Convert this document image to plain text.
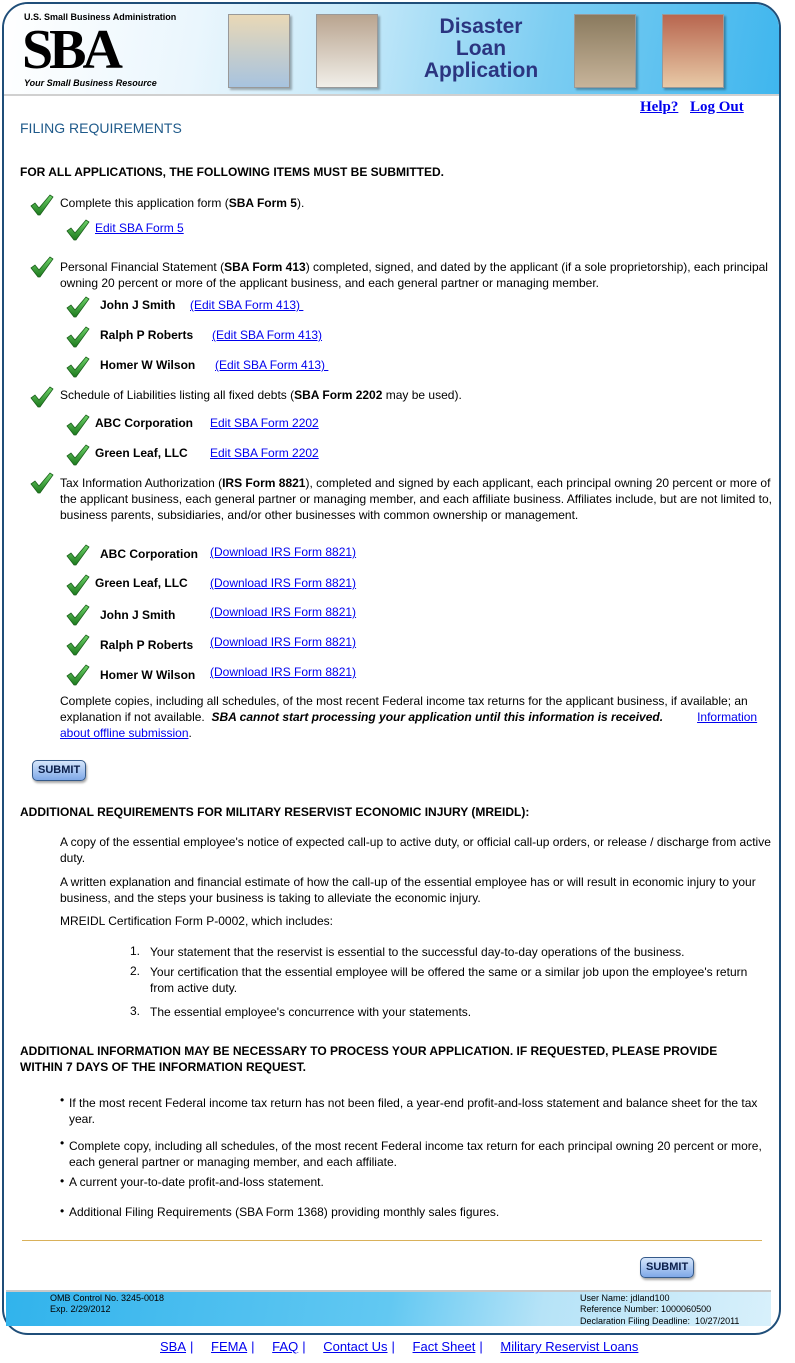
U.S. Small Business Administration
SBA
Your Small Business Resource
Disaster
Loan
Application
Help? Log Out
FILING REQUIREMENTS
FOR ALL APPLICATIONS, THE FOLLOWING ITEMS MUST BE SUBMITTED.
Complete this application form (SBA Form 5).
Edit SBA Form 5
Personal Financial Statement (SBA Form 413) completed, signed, and dated by the applicant (if a sole proprietorship), each principal owning 20 percent or more of the applicant business, and each general partner or managing member.
John J Smith (Edit SBA Form 413)
Ralph P Roberts (Edit SBA Form 413)
Homer W Wilson (Edit SBA Form 413)
Schedule of Liabilities listing all fixed debts (SBA Form 2202 may be used).
ABC Corporation Edit SBA Form 2202
Green Leaf, LLC Edit SBA Form 2202
Tax Information Authorization (IRS Form 8821), completed and signed by each applicant, each principal owning 20 percent or more of the applicant business, each general partner or managing member, and each affiliate business. Affiliates include, but are not limited to, business parents, subsidiaries, and/or other businesses with common ownership or management.
ABC Corporation (Download IRS Form 8821)
Green Leaf, LLC (Download IRS Form 8821)
John J Smith	(Download IRS Form 8821)
Ralph P Roberts (Download IRS Form 8821)
Homer W Wilson (Download IRS Form 8821)
Complete copies, including all schedules, of the most recent Federal income tax returns for the applicant business, if available; an explanation if not available.  SBA cannot start processing your application until this information is received.	Information about offline submission.
SUBMIT
ADDITIONAL REQUIREMENTS FOR MILITARY RESERVIST ECONOMIC INJURY (MREIDL):
A copy of the essential employee's notice of expected call-up to active duty, or official call-up orders, or release / discharge from active duty.
A written explanation and financial estimate of how the call-up of the essential employee has or will result in economic injury to your business, and the steps your business is taking to alleviate the economic injury.
MREIDL Certification Form P-0002, which includes:
1. Your statement that the reservist is essential to the successful day-to-day operations of the business.
2. Your certification that the essential employee will be offered the same or a similar job upon the employee's return from active duty.
3. The essential employee's concurrence with your statements.
ADDITIONAL INFORMATION MAY BE NECESSARY TO PROCESS YOUR APPLICATION. IF REQUESTED, PLEASE PROVIDE WITHIN 7 DAYS OF THE INFORMATION REQUEST.
• If the most recent Federal income tax return has not been filed, a year-end profit-and-loss statement and balance sheet for the tax year.
• Complete copy, including all schedules, of the most recent Federal income tax return for each principal owning 20 percent or more, each general partner or managing member, and each affiliate.
• A current your-to-date profit-and-loss statement.
• Additional Filing Requirements (SBA Form 1368) providing monthly sales figures.
SUBMIT
OMB Control No. 3245-0018
Exp. 2/29/2012
User Name: jdland100
Reference Number: 1000060500
Declaration Filing Deadline:  10/27/2011
SBA | FEMA | FAQ | Contact Us | Fact Sheet | Military Reservist Loans
